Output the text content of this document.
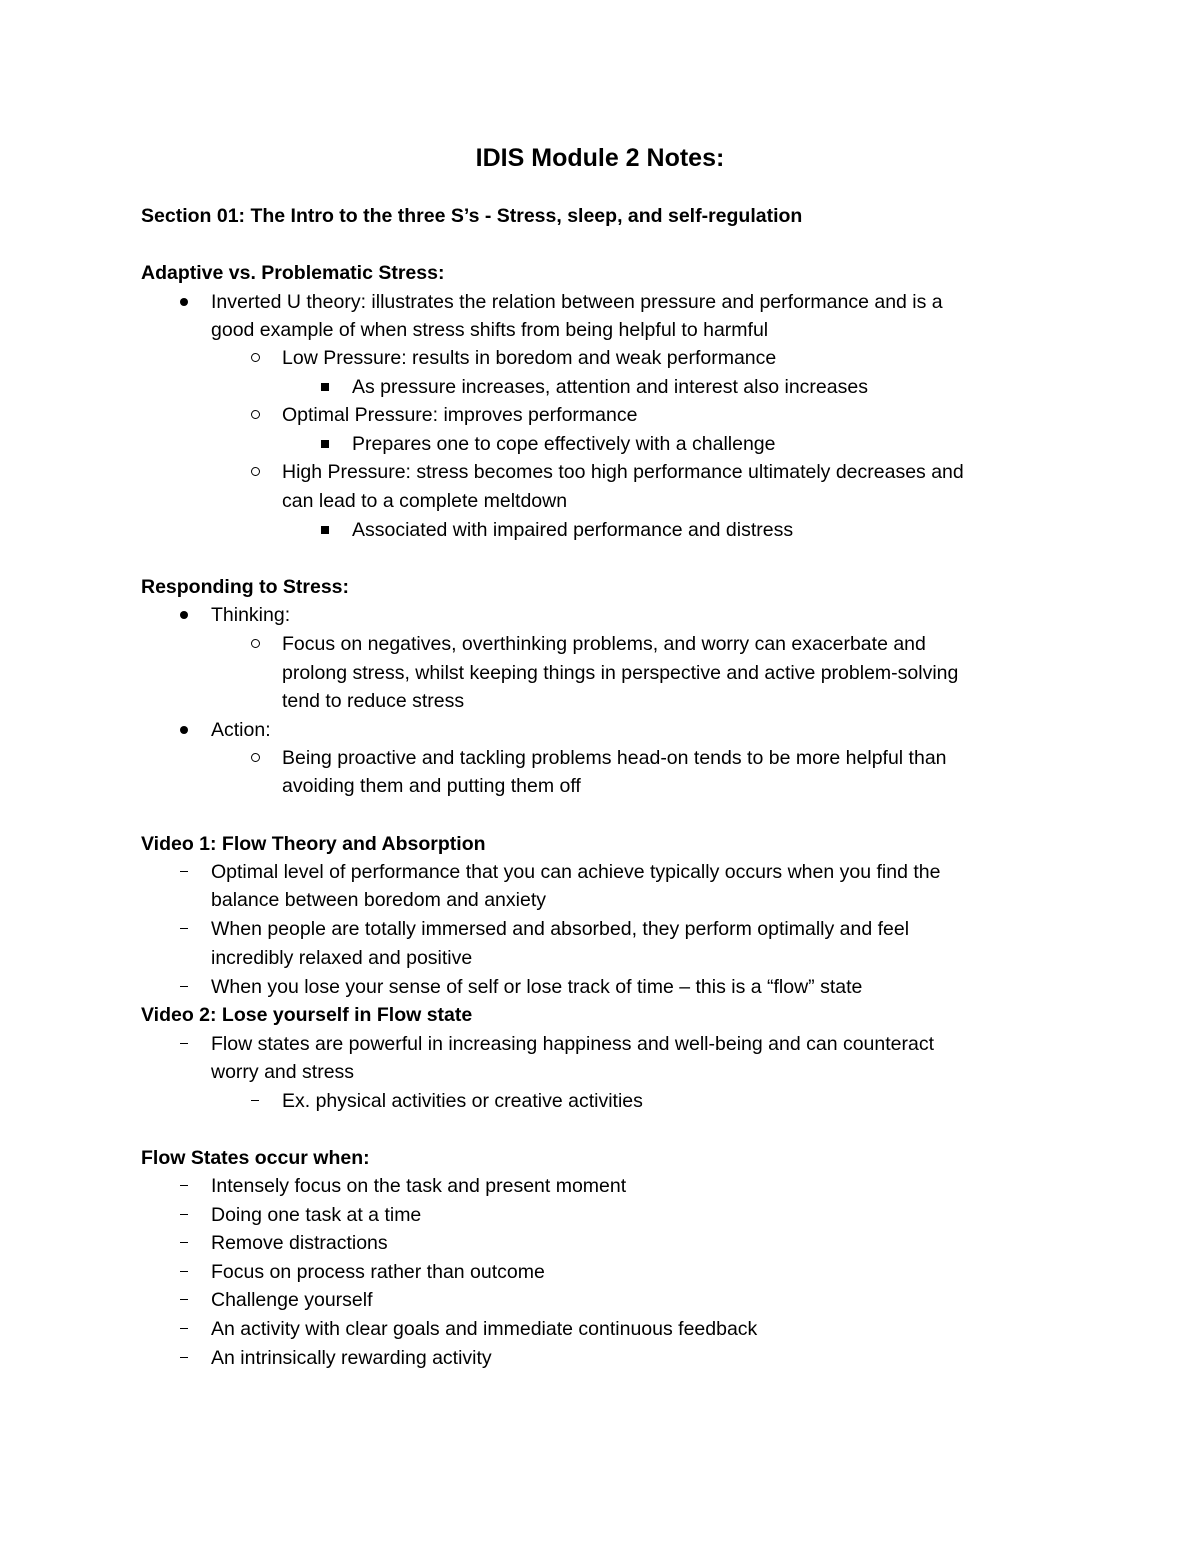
IDIS Module 2 Notes:
Section 01: The Intro to the three S’s - Stress, sleep, and self-regulation
Adaptive vs. Problematic Stress:
Inverted U theory: illustrates the relation between pressure and performance and is a
good example of when stress shifts from being helpful to harmful
Low Pressure: results in boredom and weak performance
As pressure increases, attention and interest also increases
Optimal Pressure: improves performance
Prepares one to cope effectively with a challenge
High Pressure: stress becomes too high performance ultimately decreases and
can lead to a complete meltdown
Associated with impaired performance and distress
Responding to Stress:
Thinking:
Focus on negatives, overthinking problems, and worry can exacerbate and
prolong stress, whilst keeping things in perspective and active problem-solving
tend to reduce stress
Action:
Being proactive and tackling problems head-on tends to be more helpful than
avoiding them and putting them off
Video 1: Flow Theory and Absorption
Optimal level of performance that you can achieve typically occurs when you find the
balance between boredom and anxiety
When people are totally immersed and absorbed, they perform optimally and feel
incredibly relaxed and positive
When you lose your sense of self or lose track of time – this is a “flow” state
Video 2: Lose yourself in Flow state
Flow states are powerful in increasing happiness and well-being and can counteract
worry and stress
Ex. physical activities or creative activities
Flow States occur when:
Intensely focus on the task and present moment
Doing one task at a time
Remove distractions
Focus on process rather than outcome
Challenge yourself
An activity with clear goals and immediate continuous feedback
An intrinsically rewarding activity
